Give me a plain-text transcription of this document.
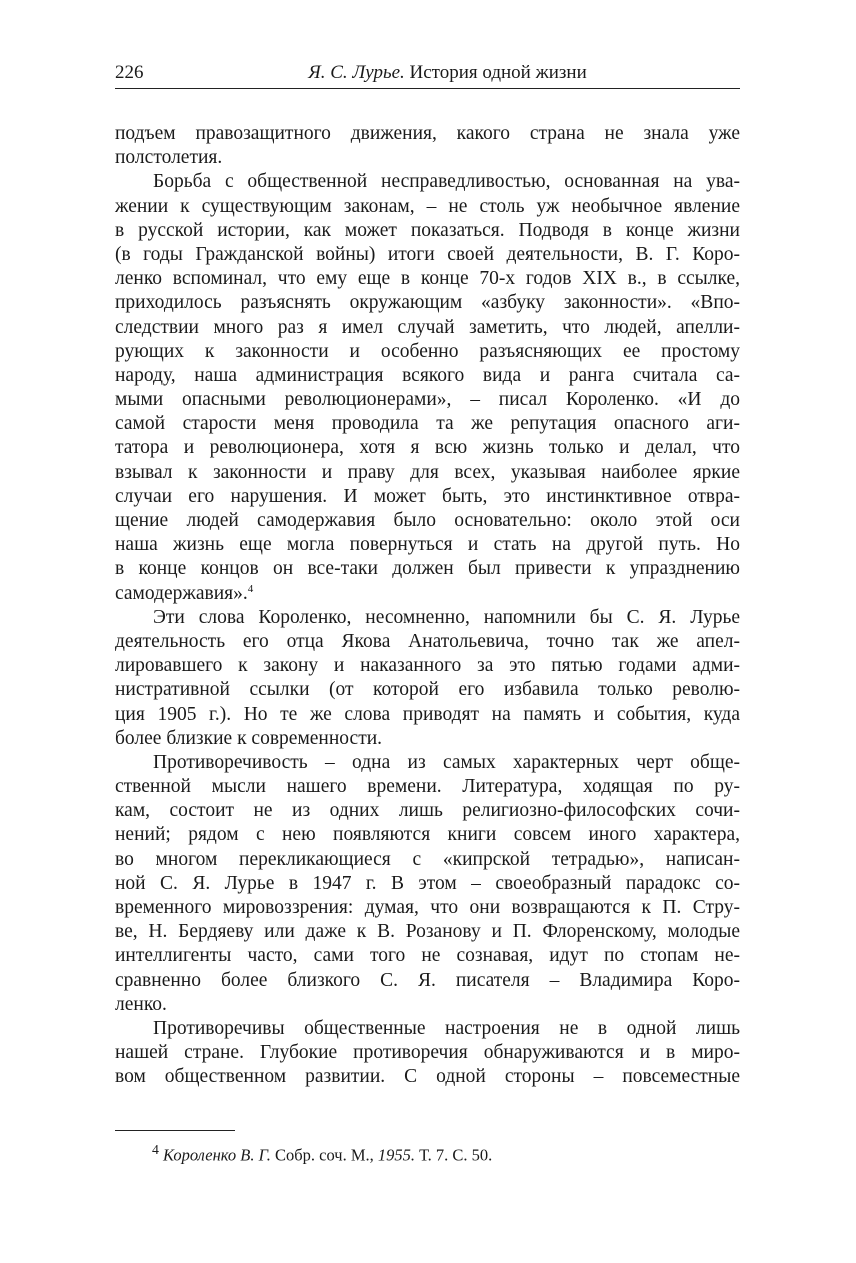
226	Я. С. Лурье. История одной жизни
подъем правозащитного движения, какого страна не знала уже
полстолетия.
Борьба с общественной несправедливостью, основанная на ува-
жении к существующим законам, – не столь уж необычное явление
в русской истории, как может показаться. Подводя в конце жизни
(в годы Гражданской войны) итоги своей деятельности, В. Г. Коро-
ленко вспоминал, что ему еще в конце 70-х годов XIX в., в ссылке,
приходилось разъяснять окружающим «азбуку законности». «Впо-
следствии много раз я имел случай заметить, что людей, апелли-
рующих к законности и особенно разъясняющих ее простому
народу, наша администрация всякого вида и ранга считала са-
мыми опасными революционерами», – писал Короленко. «И до
самой старости меня проводила та же репутация опасного аги-
татора и революционера, хотя я всю жизнь только и делал, что
взывал к законности и праву для всех, указывая наиболее яркие
случаи его нарушения. И может быть, это инстинктивное отвра-
щение людей самодержавия было основательно: около этой оси
наша жизнь еще могла повернуться и стать на другой путь. Но
в конце концов он все-таки должен был привести к упразднению
самодержавия».$^4$
Эти слова Короленко, несомненно, напомнили бы С. Я. Лурье
деятельность его отца Якова Анатольевича, точно так же апел-
лировавшего к закону и наказанного за это пятью годами адми-
нистративной ссылки (от которой его избавила только револю-
ция 1905 г.). Но те же слова приводят на память и события, куда
более близкие к современности.
Противоречивость – одна из самых характерных черт обще-
ственной мысли нашего времени. Литература, ходящая по ру-
кам, состоит не из одних лишь религиозно-философских сочи-
нений; рядом с нею появляются книги совсем иного характера,
во многом перекликающиеся с «кипрской тетрадью», написан-
ной С. Я. Лурье в 1947 г. В этом – своеобразный парадокс со-
временного мировоззрения: думая, что они возвращаются к П. Стру-
ве, Н. Бердяеву или даже к В. Розанову и П. Флоренскому, молодые
интеллигенты часто, сами того не сознавая, идут по стопам не-
сравненно более близкого С. Я. писателя – Владимира Коро-
ленко.
Противоречивы общественные настроения не в одной лишь
нашей стране. Глубокие противоречия обнаруживаются и в миро-
вом общественном развитии. С одной стороны – повсеместные
$^4$ Короленко В. Г. Собр. соч. М., 1955. Т. 7. С. 50.
